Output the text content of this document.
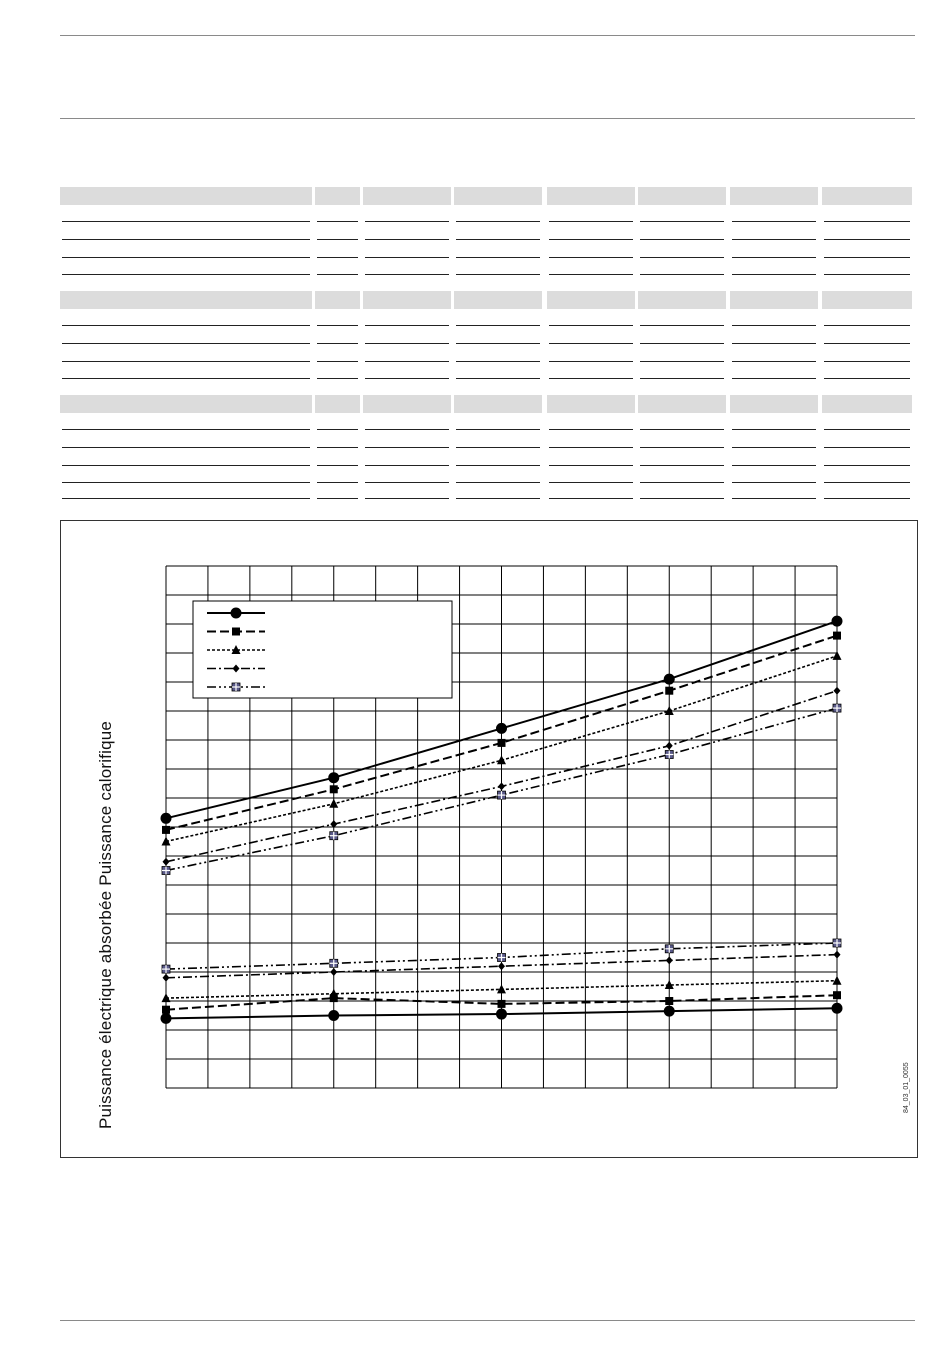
Puissance électrique absorbée Puissance calorifique	84_03_01_0055
